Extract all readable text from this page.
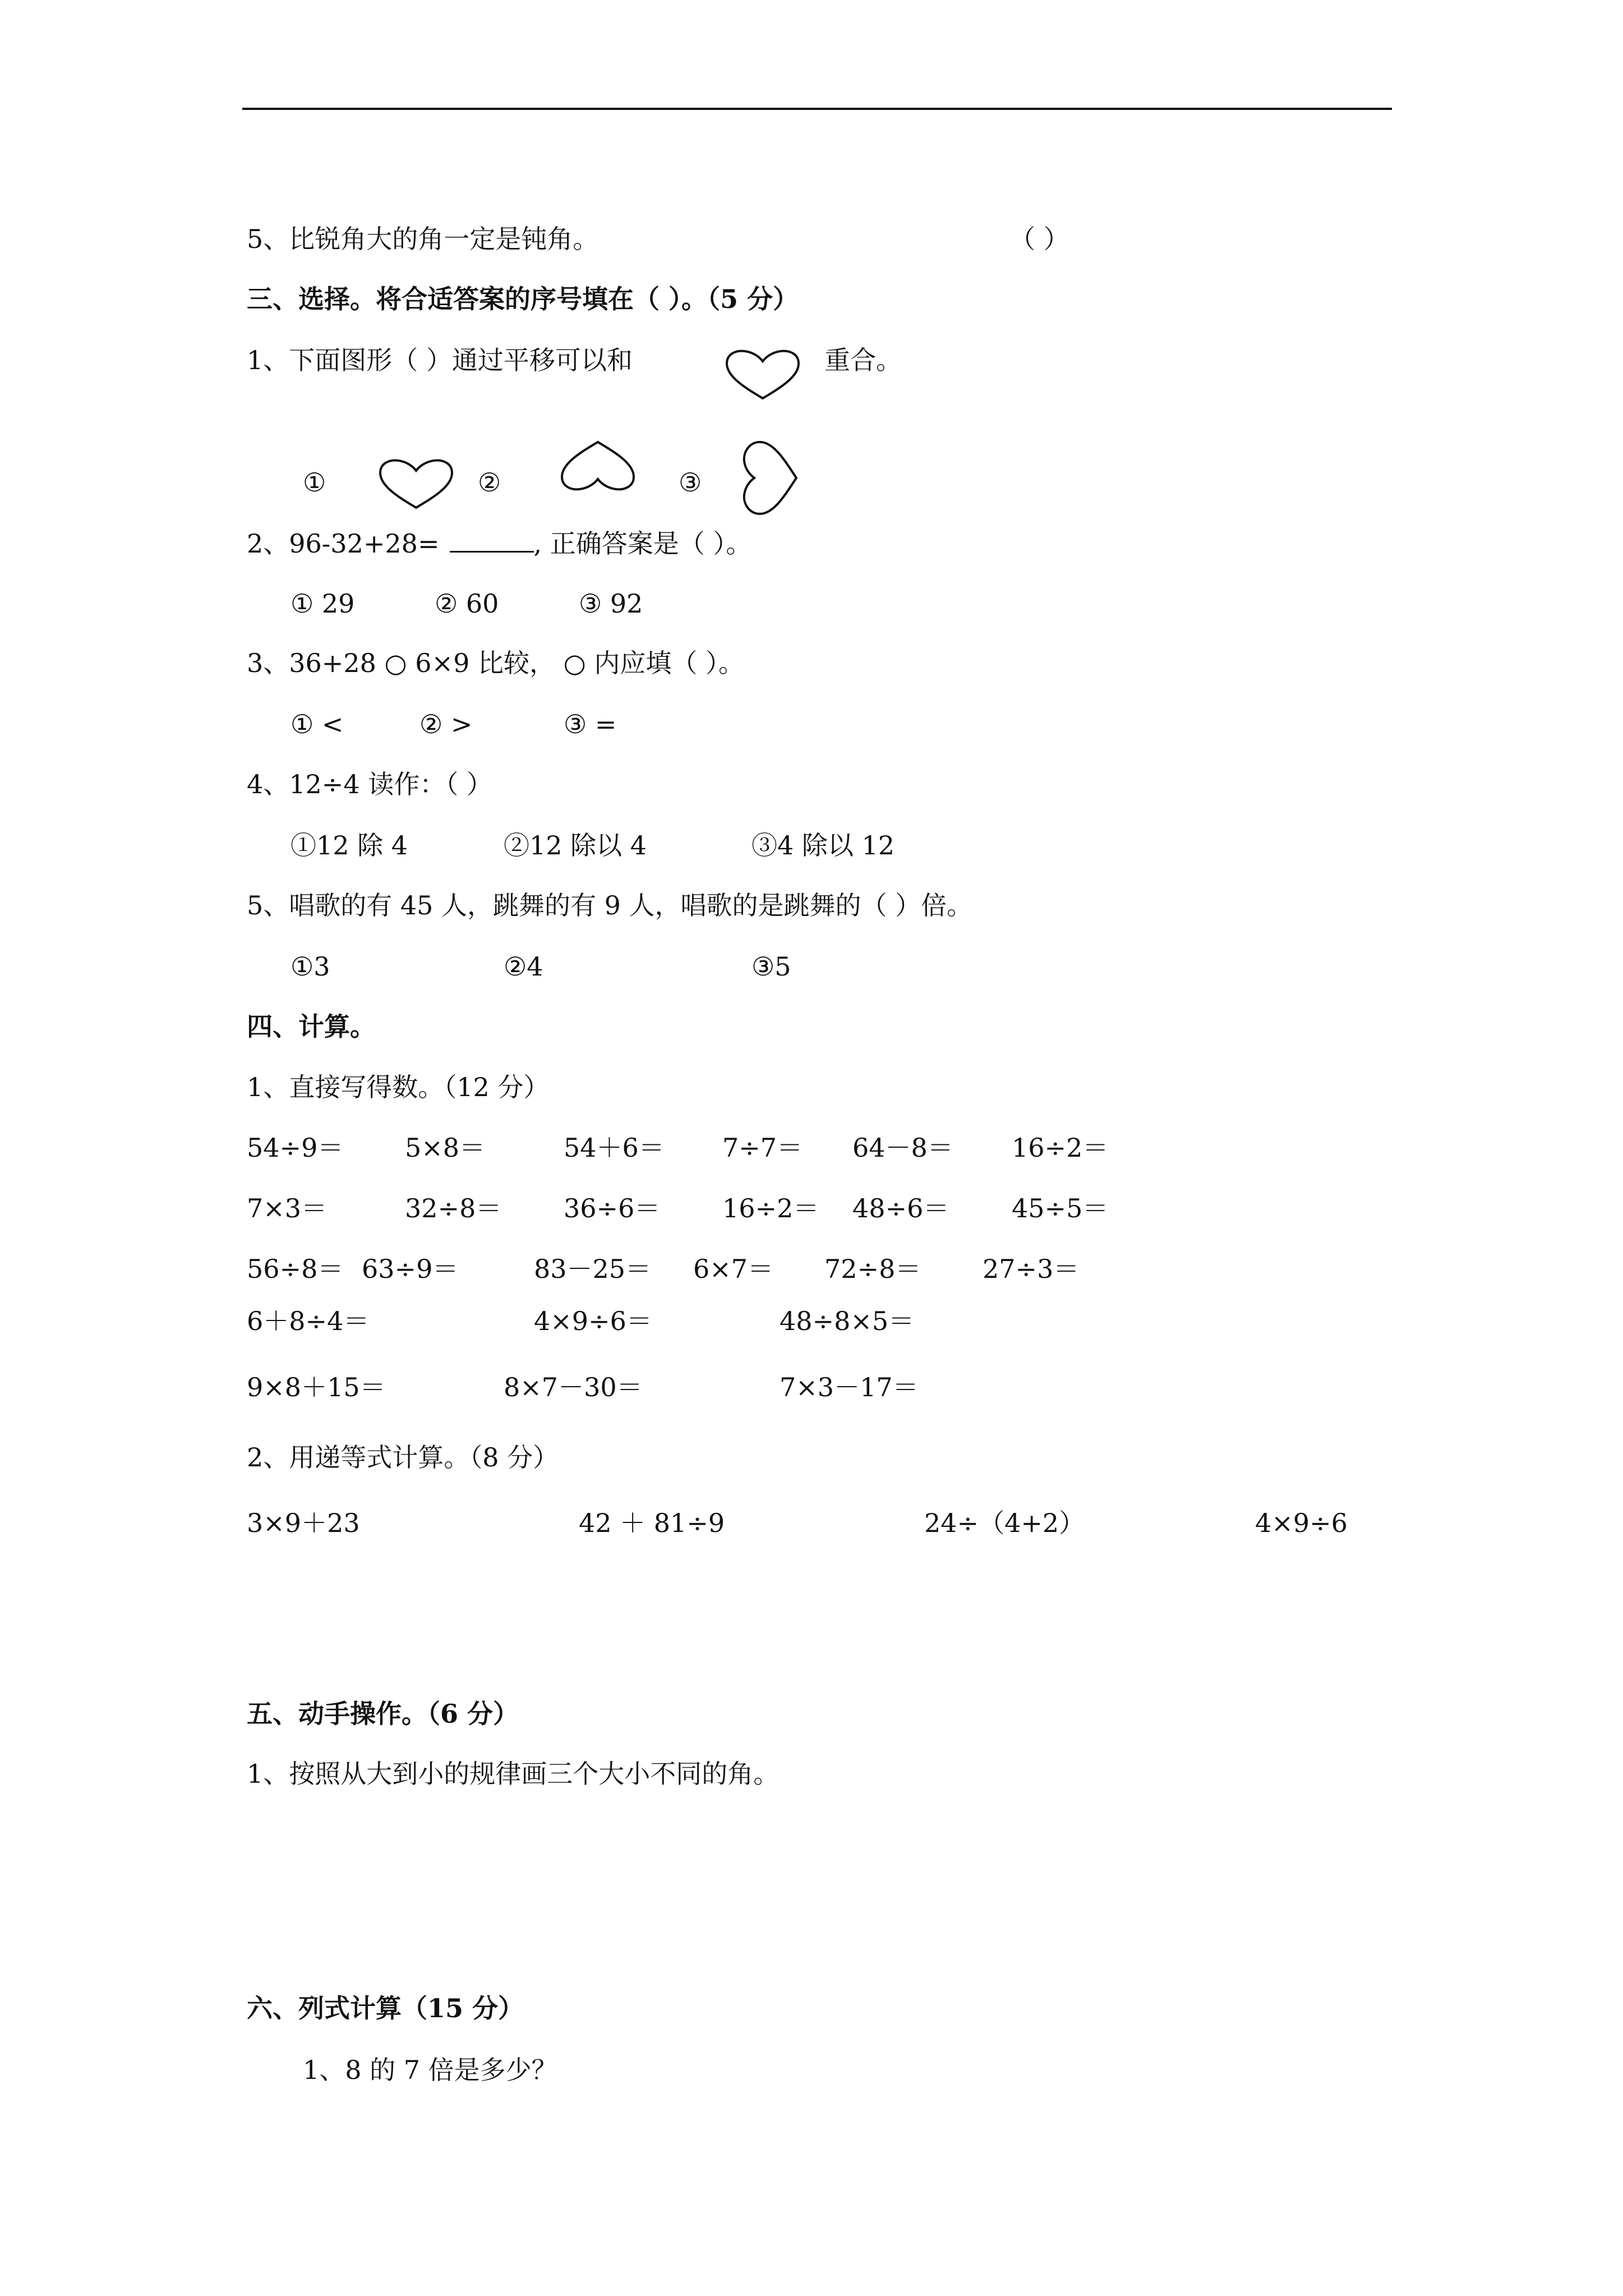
5、比锐角大的角一定是钝角。	（ ）
三、选择。将合适答案的序号填在（ ）。（5 分）
1、下面图形（ ）通过平移可以和	重合。
①	②	③
2、96-32+28=	, 正确答案是（ ）。
① 29	② 60	③ 92
3、36+28 ○ 6×9 比较， ○ 内应填（ ）。
① <	② >	③ =
4、12÷4 读作：（ ）
①12 除 4	②12 除以 4	③4 除以 12
5、唱歌的有 45 人，跳舞的有 9 人，唱歌的是跳舞的（ ）倍。
①3	②4	③5
四、计算。
1、直接写得数。（12 分）
54÷9＝ 5×8＝	54＋6＝ 7÷7＝ 64－8＝ 16÷2＝
7×3＝	32÷8＝ 36÷6＝ 16÷2＝ 48÷6＝ 45÷5＝
56÷8＝ 63÷9＝	83－25＝ 6×7＝ 72÷8＝ 27÷3＝
6＋8÷4＝	4×9÷6＝	48÷8×5＝
9×8＋15＝	8×7－30＝	7×3－17＝
2、用递等式计算。（8 分）
3×9＋23	42 ＋ 81÷9	24÷（4+2）	4×9÷6
五、动手操作。（6 分）
1、按照从大到小的规律画三个大小不同的角。
六、列式计算（15 分）
1、8 的 7 倍是多少？
